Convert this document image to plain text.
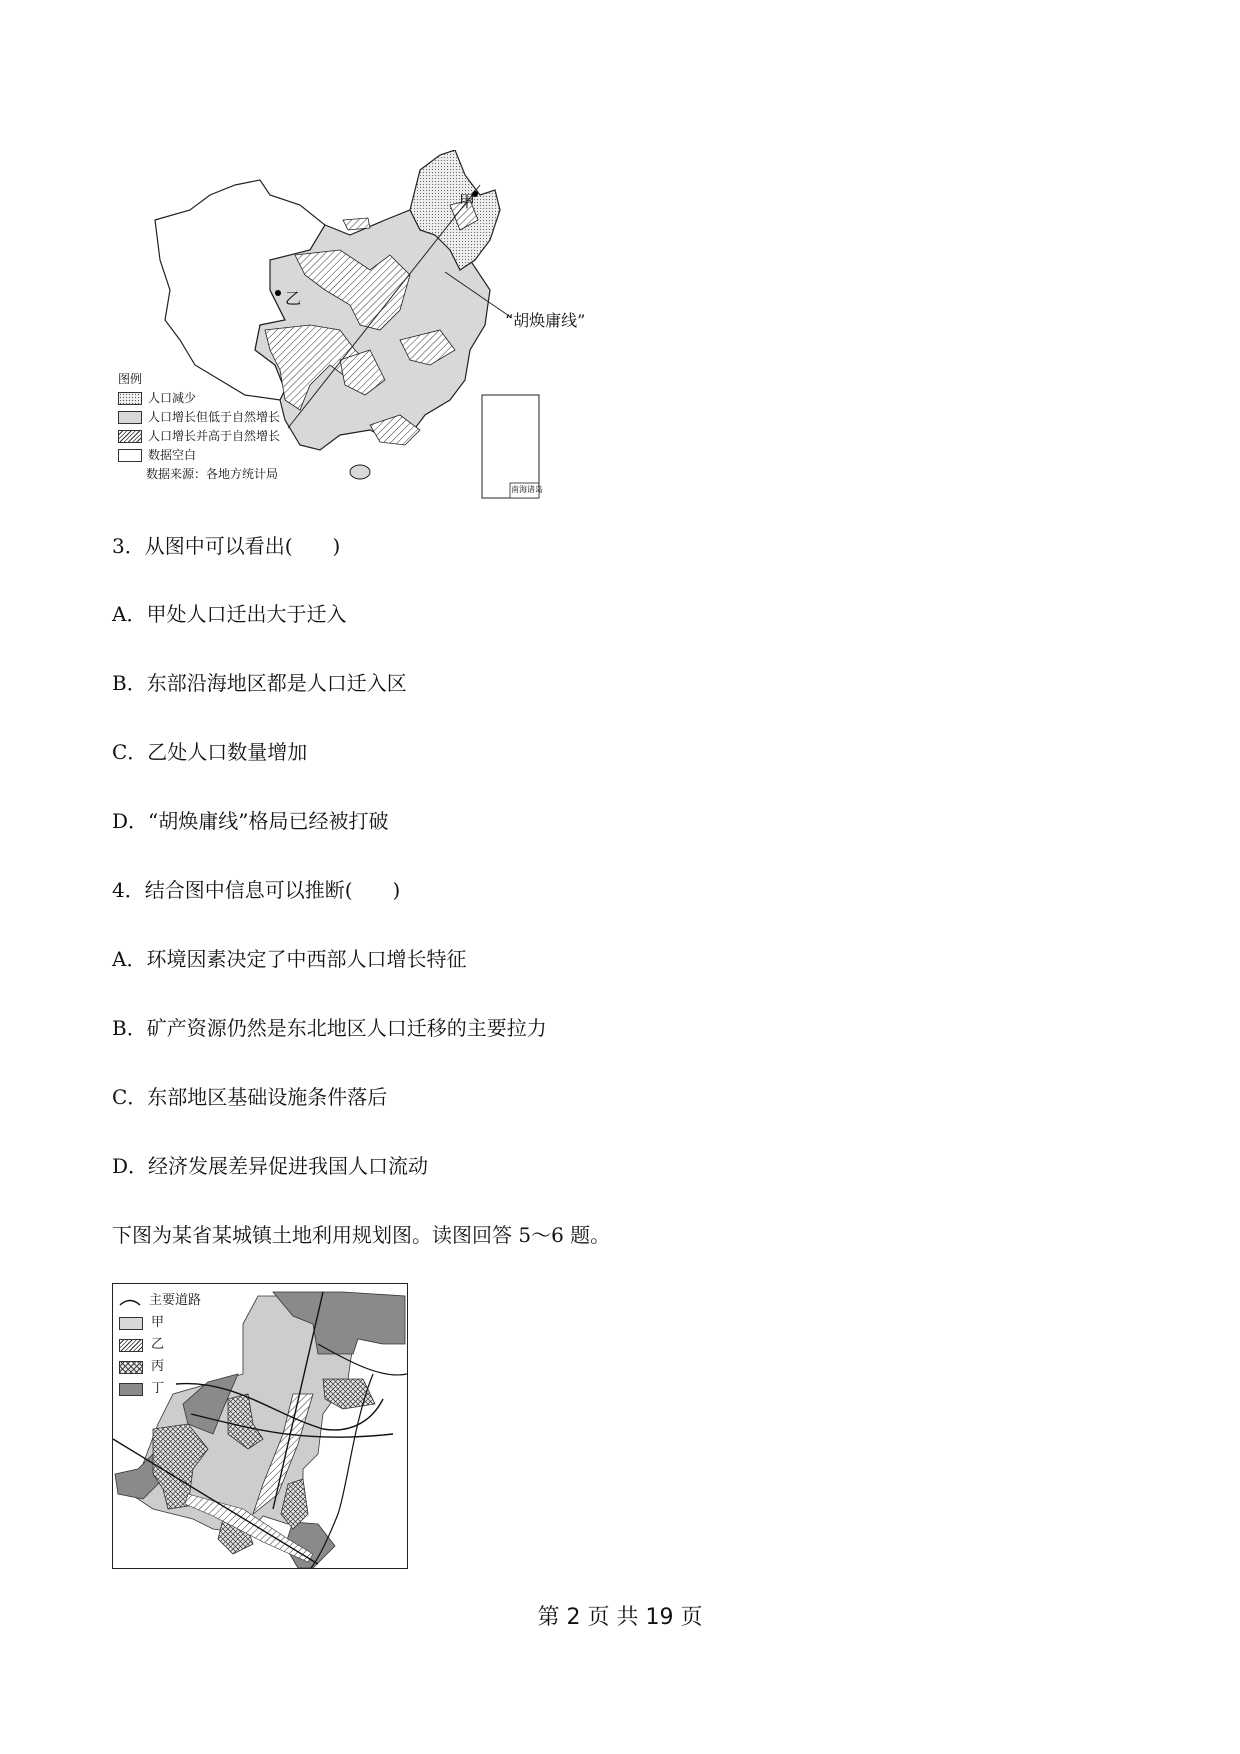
甲
乙
“胡焕庸线”
南海诸岛
图例
人口减少
人口增长但低于自然增长
人口增长并高于自然增长
数据空白
数据来源：各地方统计局
3．从图中可以看出(　　)
A．甲处人口迁出大于迁入
B．东部沿海地区都是人口迁入区
C．乙处人口数量增加
D．“胡焕庸线”格局已经被打破
4．结合图中信息可以推断(　　)
A．环境因素决定了中西部人口增长特征
B．矿产资源仍然是东北地区人口迁移的主要拉力
C．东部地区基础设施条件落后
D．经济发展差异促进我国人口流动
下图为某省某城镇土地利用规划图。读图回答 5～6 题。
主要道路
甲
乙
丙
丁
第 2 页 共 19 页
